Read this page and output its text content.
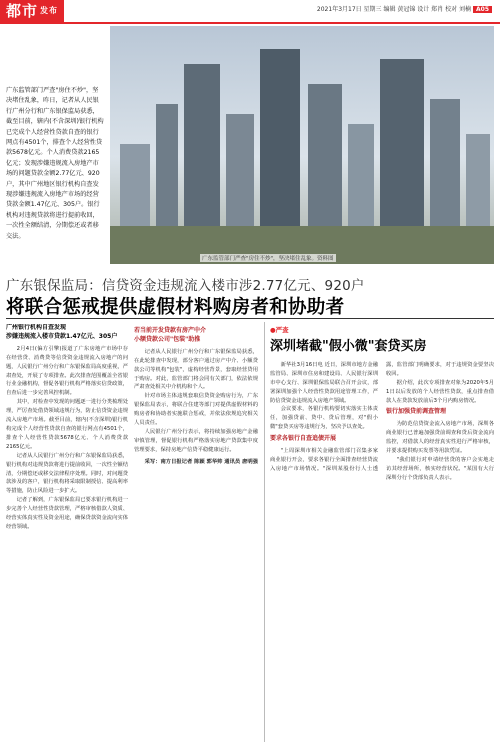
都市 $^{发布}$	2021年3月17日 星期三 编辑 黄冠锦 设计 郑肖 校对 刘楠 A05
广东监管部门严查"房住不炒"，坚决堵住乱象，昨日，记者从人民银行广州分行和广东银保监局获悉，截至目前，辖内(不含深圳)银行机构已完成个人经营性贷款自查的银行网点有4501个，排查个人经营性贷款5678亿元。个人消费贷款2165亿元；发现涉嫌违规流入房地产市场的问题贷款金额2.77亿元、920户，其中广州地区银行机构自查发现涉嫌违规流入房地产市场的经营贷款金额1.47亿元、305户。银行机构对违规贷款将进行提前收回，一次性全额结清，分期偿还或者移交法。
广东监管部门严查"房住不炒"，坚决堵住乱象。资料图
广东银保监局：信贷资金违规流入楼市涉2.77亿元、920户
将联合惩戒提供虚假材料购房者和协助者
广州银行机构自查发现
涉嫌违规流入楼市贷款1.47亿元、305户

2月4日(偏方引擎)报道了广东房地产市场中存在经营贷、消费贷等信贷资金违规流入房地产的问题，人民银行广州分行和广东银保监局高度重视，严肃查处，开展了专项排查。此次排查范围覆盖全省银行业金融机构，督促各银行机构严格落实信贷政策，自查后进一步完善风控机制。

其中，对检查中发现的问题逐一进行分类梳理处理，严厉查处借贷领域违规行为，防止信贷资金违规流入房地产市场。截至目前，辖内(不含深圳)银行机构完成个人经营性贷款自查的银行网点有4501个，排查个人经营性贷款5678亿元、个人消费贷款2165亿元。

记者从人民银行广州分行和广东银保监局获悉，银行机构对违规贷款将进行提前收回，一次性全额结清，分期偿还或移交法律程序处理。同时，对问题贷款涉及的客户，银行机构将采取限制授信、提高利率等措施，防止风险进一步扩大。

记者了解到，广东银保监局已要求银行机构进一步完善个人经营性贷款管理，严格审核借款人资质、经营实体真实性及资金用途，确保贷款资金流向实体经营领域。

若当前开发贷款有房产中介
小额贷款公司"包装"助推

记者从人民银行广州分行和广东银保监局获悉，在此轮排查中发现，部分客户通过房产中介、小额贷款公司等机构"包装"，虚构经营背景，套取经营贷用于购房。对此，监管部门将会同有关部门，依法依规严肃查处相关中介机构和个人。

针对市场主体违规套取信贷资金购房行为，广东银保监局表示，将联合住建等部门对提供虚假材料的购房者和协助者实施联合惩戒，并依法依规追究相关人员责任。

人民银行广州分行表示，将持续加强房地产金融审慎管理，督促银行机构严格落实房地产贷款集中度管理要求，保持房地产信贷平稳健康运行。

采写：南方日报记者 陈颖 郭华帅 通讯员 唐明强

●严查
深圳堵截"假小微"套贷买房

新华社3月16日电 近日，深圳市地方金融监管局、深圳市住房和建设局、人民银行深圳市中心支行、深圳银保监局联合召开会议，部署深圳加强个人经营性贷款用途管理工作，严防信贷资金违规流入房地产领域。

会议要求，各银行机构要切实落实主体责任，加强贷前、贷中、贷后管理，对"假小微"套贷买房等违规行为，坚决予以查处。

要求各银行自查追债开展

"上周深圳市相关金融监管部门召集多家商业银行开会，要求各银行全面排查经营贷流入房地产市场情况。"深圳某股份行人士透露，监管部门明确要求，对于违规资金要坚决收回。

据介绍，此次专项排查对象为2020年5月1日以后发放的个人经营性贷款，重点排查借款人在贷款发放前后3个月内购房情况。

银行加强贷前调查管理

为防范信贷资金流入房地产市场，深圳各商业银行已普遍加强贷前调查和贷后资金流向监控，对借款人的经营真实性进行严格审核，并要求提供购买发票等用款凭证。

"我们银行对申请经营贷的客户会实地走访其经营场所，核实经营状况。"某国有大行深圳分行个贷部负责人表示。
